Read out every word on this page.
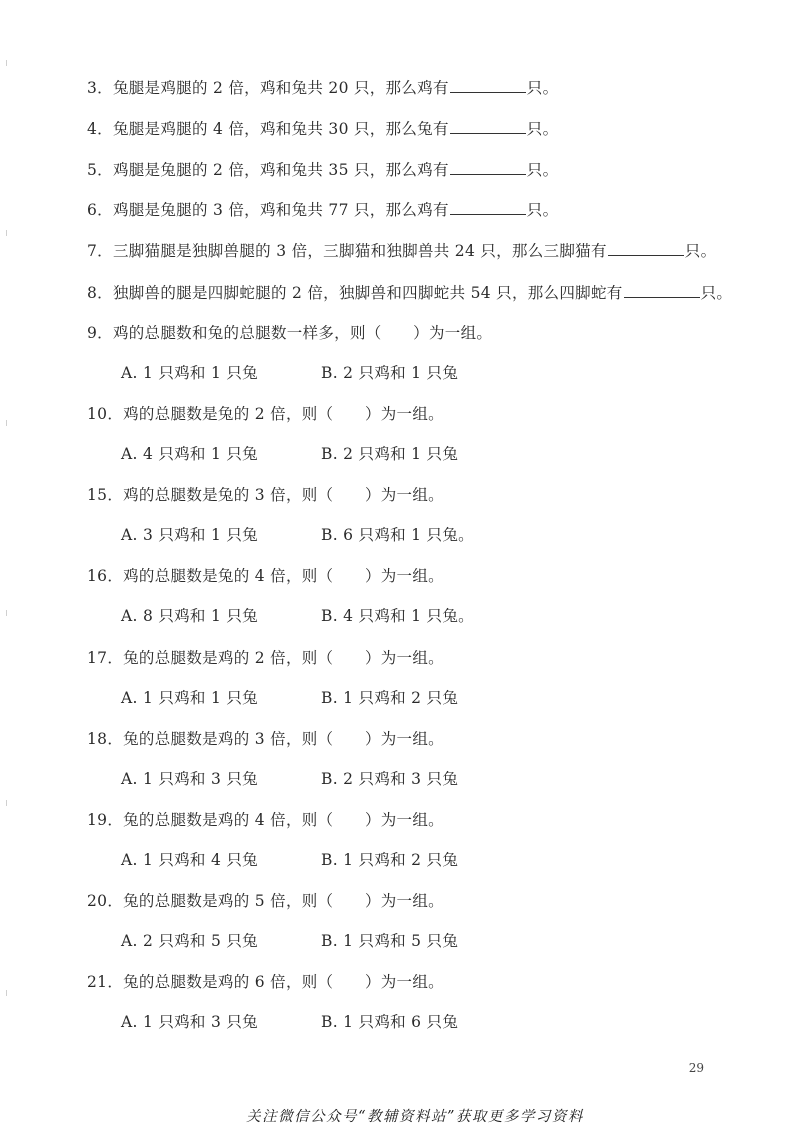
3．兔腿是鸡腿的 2 倍，鸡和兔共 20 只，那么鸡有	只。
4．兔腿是鸡腿的 4 倍，鸡和兔共 30 只，那么兔有	只。
5．鸡腿是兔腿的 2 倍，鸡和兔共 35 只，那么鸡有	只。
6．鸡腿是兔腿的 3 倍，鸡和兔共 77 只，那么鸡有	只。
7．三脚猫腿是独脚兽腿的 3 倍，三脚猫和独脚兽共 24 只，那么三脚猫有	只。
8．独脚兽的腿是四脚蛇腿的 2 倍，独脚兽和四脚蛇共 54 只，那么四脚蛇有	只。
9．鸡的总腿数和兔的总腿数一样多，则（　　）为一组。
A. 1 只鸡和 1 只兔	B. 2 只鸡和 1 只兔
10．鸡的总腿数是兔的 2 倍，则（　　）为一组。
A. 4 只鸡和 1 只兔	B. 2 只鸡和 1 只兔
15．鸡的总腿数是兔的 3 倍，则（　　）为一组。
A. 3 只鸡和 1 只兔	B. 6 只鸡和 1 只兔。
16．鸡的总腿数是兔的 4 倍，则（　　）为一组。
A. 8 只鸡和 1 只兔	B. 4 只鸡和 1 只兔。
17．兔的总腿数是鸡的 2 倍，则（　　）为一组。
A. 1 只鸡和 1 只兔	B. 1 只鸡和 2 只兔
18．兔的总腿数是鸡的 3 倍，则（　　）为一组。
A. 1 只鸡和 3 只兔	B. 2 只鸡和 3 只兔
19．兔的总腿数是鸡的 4 倍，则（　　）为一组。
A. 1 只鸡和 4 只兔	B. 1 只鸡和 2 只兔
20．兔的总腿数是鸡的 5 倍，则（　　）为一组。
A. 2 只鸡和 5 只兔	B. 1 只鸡和 5 只兔
21．兔的总腿数是鸡的 6 倍，则（　　）为一组。
A. 1 只鸡和 3 只兔	B. 1 只鸡和 6 只兔
29
关注微信公众号“教辅资料站”获取更多学习资料
